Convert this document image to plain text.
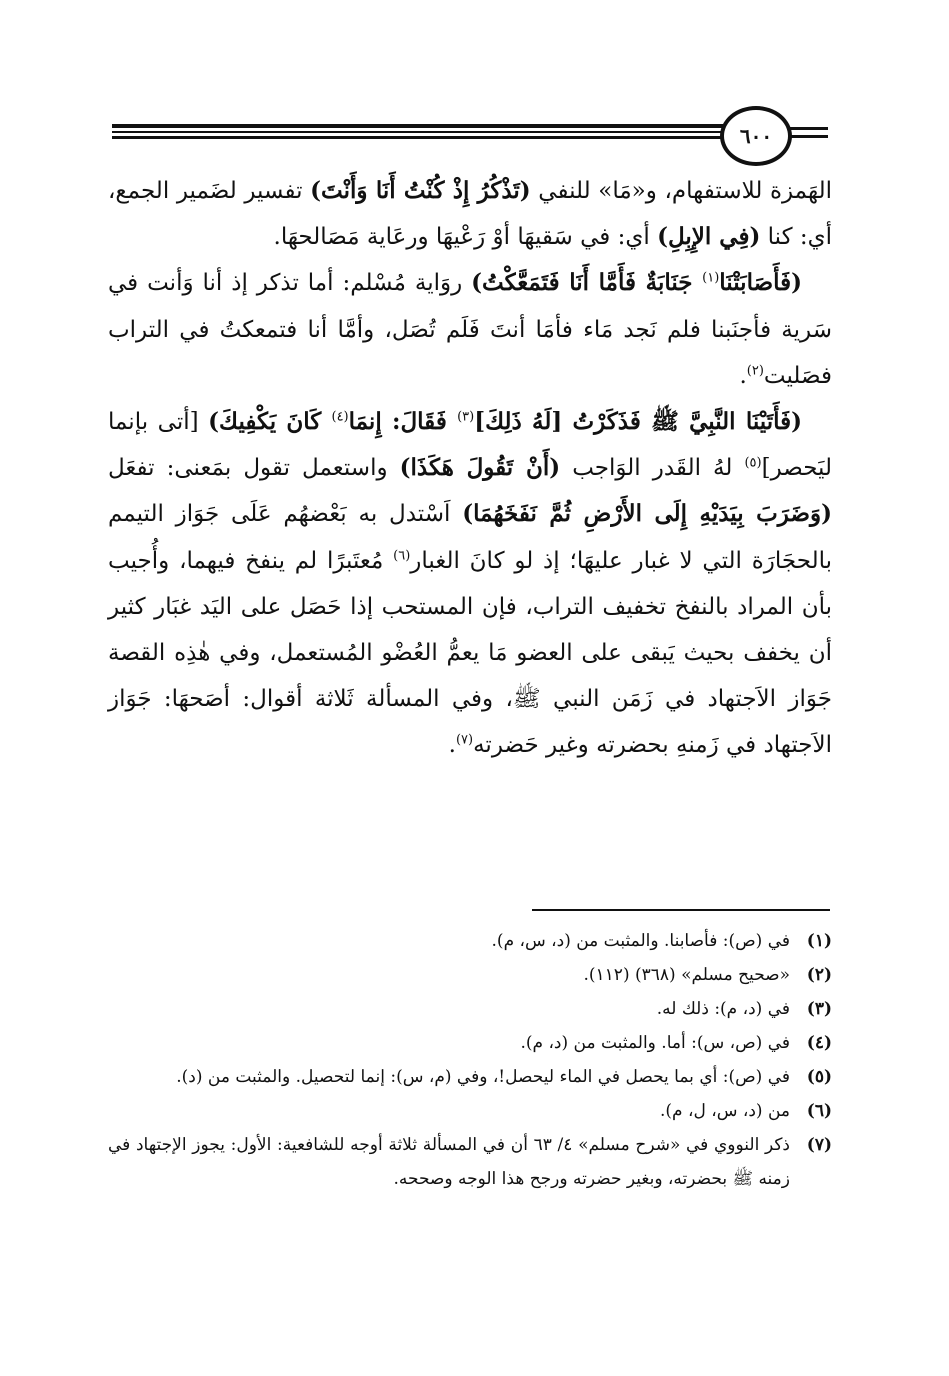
٦٠٠

الهَمزة للاستفهام، و«مَا» للنفي (تَذْكُرُ إِذْ كُنْتُ أَنَا وَأَنْتَ) تفسير لضَمير الجمع، أي: كنا (فِي الإِبِلِ) أي: في سَقيهَا أوْ رَعْيهَا ورعَاية مَصَالحهَا.

(فَأَصَابَتْنَا$^{(١)}$ جَنَابَةٌ فَأَمَّا أَنَا فَتَمَعَّكْتُ) روَاية مُسْلم: أما تذكر إذ أنا وَأنت في سَرية فأجنَبنا فلم نَجد مَاء فأمَا أنتَ فَلَم تُصَل، وأمَّا أنا فتمعكتُ في التراب فصَليت$^{(٢)}$.

(فَأَتَيْنَا النَّبِيَّ ﷺ فَذَكَرْتُ [لَهُ ذَلِكَ]$^{(٣)}$ فَقَالَ: إِنمَا$^{(٤)}$ كَانَ يَكْفِيكَ) [أتى بإنما ليَحصر]$^{(٥)}$ لهُ القَدر الوَاجب (أَنْ تَقُولَ هَكَذَا) واستعمل تقول بمَعنى: تفعَل (وَضَرَبَ بِيَدَيْهِ إِلَى الأَرْضِ ثُمَّ نَفَخَهُمَا) اَسْتدل به بَعْضهُم عَلَى جَوَاز التيمم بالحجَارَة التي لا غبار عليهَا؛ إذ لو كانَ الغبار$^{(٦)}$ مُعتَبرًا لم ينفخ فيهما، وأُجيب بأن المراد بالنفخ تخفيف التراب، فإن المستحب إذا حَصَل على اليَد غبَار كثير أن يخفف بحيث يَبقى على العضو مَا يعمُّ العُضْو المُستعمل، وفي هٰذِه القصة جَوَاز الاَجتهاد في زَمَن النبي ﷺ، وفي المسألة ثَلاثة أقوال: أصَحهَا: جَوَاز الاَجتهاد في زَمنهِ بحضرته وغير حَضرته$^{(٧)}$.

(١)
في (ص): فأصابنا. والمثبت من (د، س، م).
(٢)
«صحيح مسلم» (٣٦٨) (١١٢).
(٣)
في (د، م): ذلك له.
(٤)
في (ص، س): أما. والمثبت من (د، م).
(٥)
في (ص): أي بما يحصل في الماء ليحصل!، وفي (م، س): إنما لتحصيل. والمثبت من (د).
(٦)
من (د، س، ل، م).
(٧)
ذكر النووي في «شرح مسلم» ٤/ ٦٣ أن في المسألة ثلاثة أوجه للشافعية: الأول: يجوز الإجتهاد في زمنه ﷺ بحضرته، وبغير حضرته ورجح هذا الوجه وصححه.
